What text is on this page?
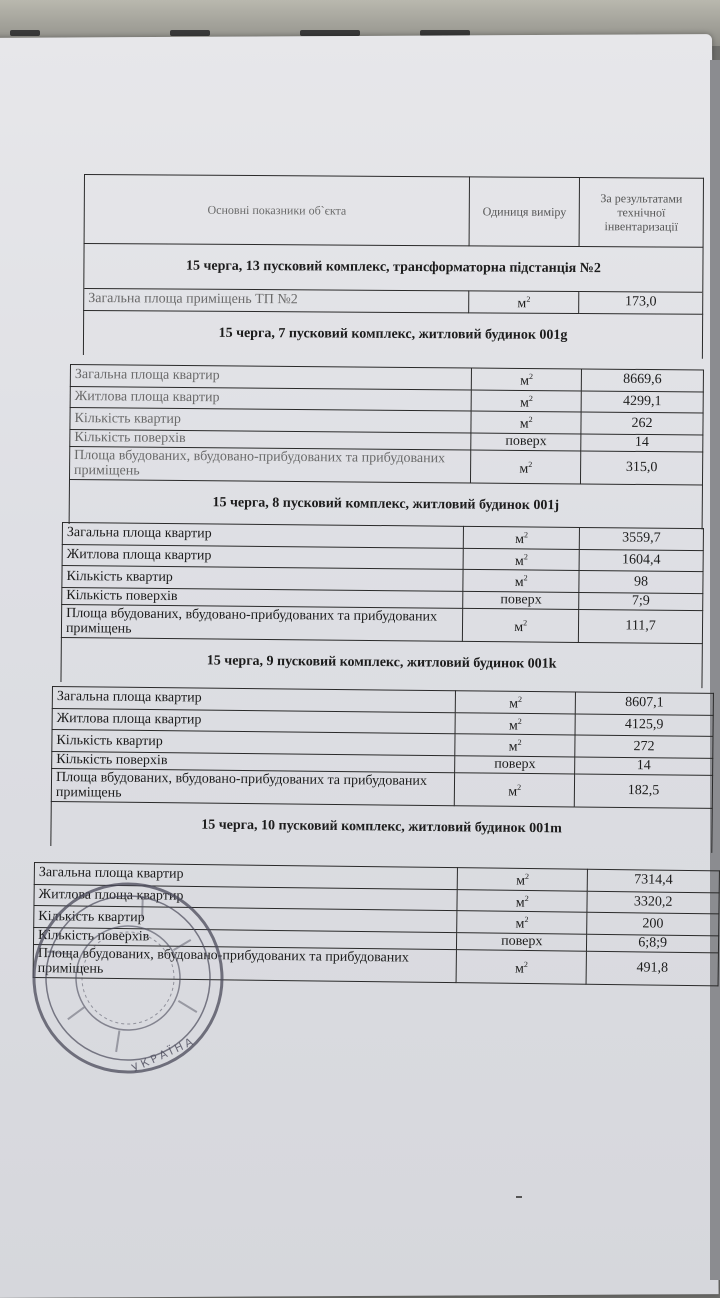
Основні показники об`єкта	Одиниця виміру	За результатами технічної інвентаризації
15 черга, 13 пусковий комплекс, трансформаторна підстанція №2		
Загальна площа приміщень ТП №2	$м^2$	173,0
15 черга, 7 пусковий комплекс, житловий будинок 001g		
Загальна площа квартир	$м^2$	8669,6
Житлова площа квартир	$м^2$	4299,1
Кількість квартир	$м^2$	262
Кількість поверхів	поверх	14
Площа вбудованих, вбудовано-прибудованих та прибудованих приміщень	$м^2$	315,0
15 черга, 8 пусковий комплекс, житловий будинок 001j		
Загальна площа квартир	$м^2$	3559,7
Житлова площа квартир	$м^2$	1604,4
Кількість квартир	$м^2$	98
Кількість поверхів	поверх	7;9
Площа вбудованих, вбудовано-прибудованих та прибудованих приміщень	$м^2$	111,7
15 черга, 9 пусковий комплекс, житловий будинок 001k		
Загальна площа квартир	$м^2$	8607,1
Житлова площа квартир	$м^2$	4125,9
Кількість квартир	$м^2$	272
Кількість поверхів	поверх	14
Площа вбудованих, вбудовано-прибудованих та прибудованих приміщень	$м^2$	182,5
15 черга, 10 пусковий комплекс, житловий будинок 001m		
Загальна площа квартир	$м^2$	7314,4
Житлова площа квартир	$м^2$	3320,2
Кількість квартир	$м^2$	200
Кількість поверхів	поверх	6;8;9
Площа вбудованих, вбудовано-прибудованих та прибудованих приміщень	$м^2$	491,8
УКРАЇНА
